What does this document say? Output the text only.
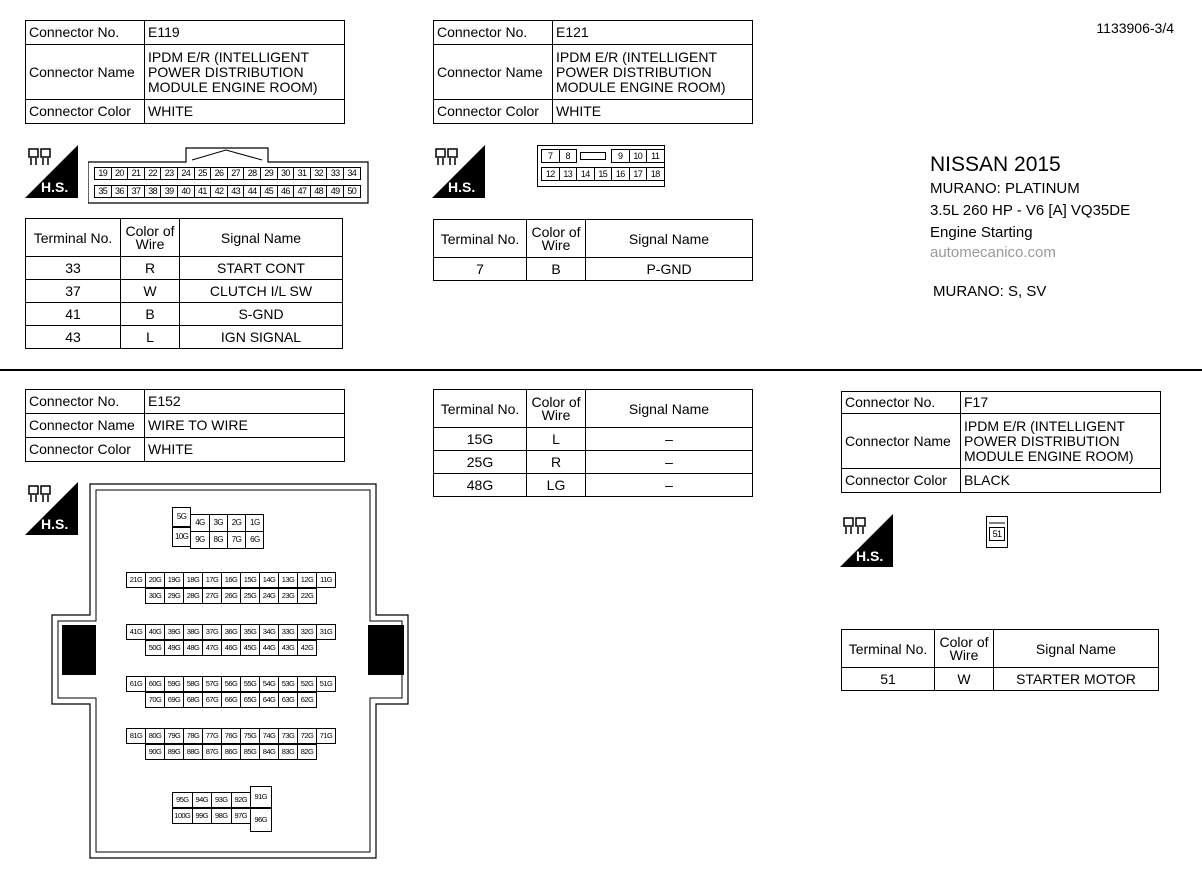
1133906-3/4
Connector No.	E119
Connector Name	IPDM E/R (INTELLIGENT POWER DISTRIBUTION MODULE ENGINE ROOM)
Connector Color	WHITE
H.S.
19 20 21 22 23 24 25 26 27 28 29 30 31 32 33 34
35 36 37 38 39 40 41 42 43 44 45 46 47 48 49 50
Terminal No.	Color of Wire	Signal Name
33	R	START CONT
37	W	CLUTCH I/L SW
41	B	S-GND
43	L	IGN SIGNAL
Connector No.	E121
Connector Name	IPDM E/R (INTELLIGENT POWER DISTRIBUTION MODULE ENGINE ROOM)
Connector Color	WHITE
H.S.
7	8	9	10	11
12 13 14 15 16 17 18
Terminal No.	Color of Wire	Signal Name
7	B	P-GND
NISSAN 2015
MURANO: PLATINUM
3.5L 260 HP - V6 [A] VQ35DE
Engine Starting
automecanico.com
MURANO: S, SV
Connector No.	E152
Connector Name	WIRE TO WIRE
Connector Color	WHITE
H.S.	5G
4G	3G	2G	1G
10G 9G	8G	7G	6G
21G 20G 19G 18G 17G 16G 15G 14G 13G 12G 11G
30G 29G 28G 27G 26G 25G 24G 23G 22G
41G 40G 39G 38G 37G 36G 35G 34G 33G 32G 31G
50G 49G 48G 47G 46G 45G 44G 43G 42G
61G 60G 59G 58G 57G 56G 55G 54G 53G 52G 51G
70G 69G 68G 67G 66G 65G 64G 63G 62G
81G 80G 79G 78G 77G 76G 75G 74G 73G 72G 71G
90G 89G 88G 87G 86G 85G 84G 83G 82G
95G 94G 93G 92G	91G
100G 99G 98G 97G	96G
Terminal No.	Color of Wire	Signal Name
15G	L	–
25G	R	–
48G	LG	–
Connector No.	F17
Connector Name	IPDM E/R (INTELLIGENT POWER DISTRIBUTION MODULE ENGINE ROOM)
Connector Color	BLACK
H.S.
51
Terminal No.	Color of Wire	Signal Name
51	W	STARTER MOTOR
